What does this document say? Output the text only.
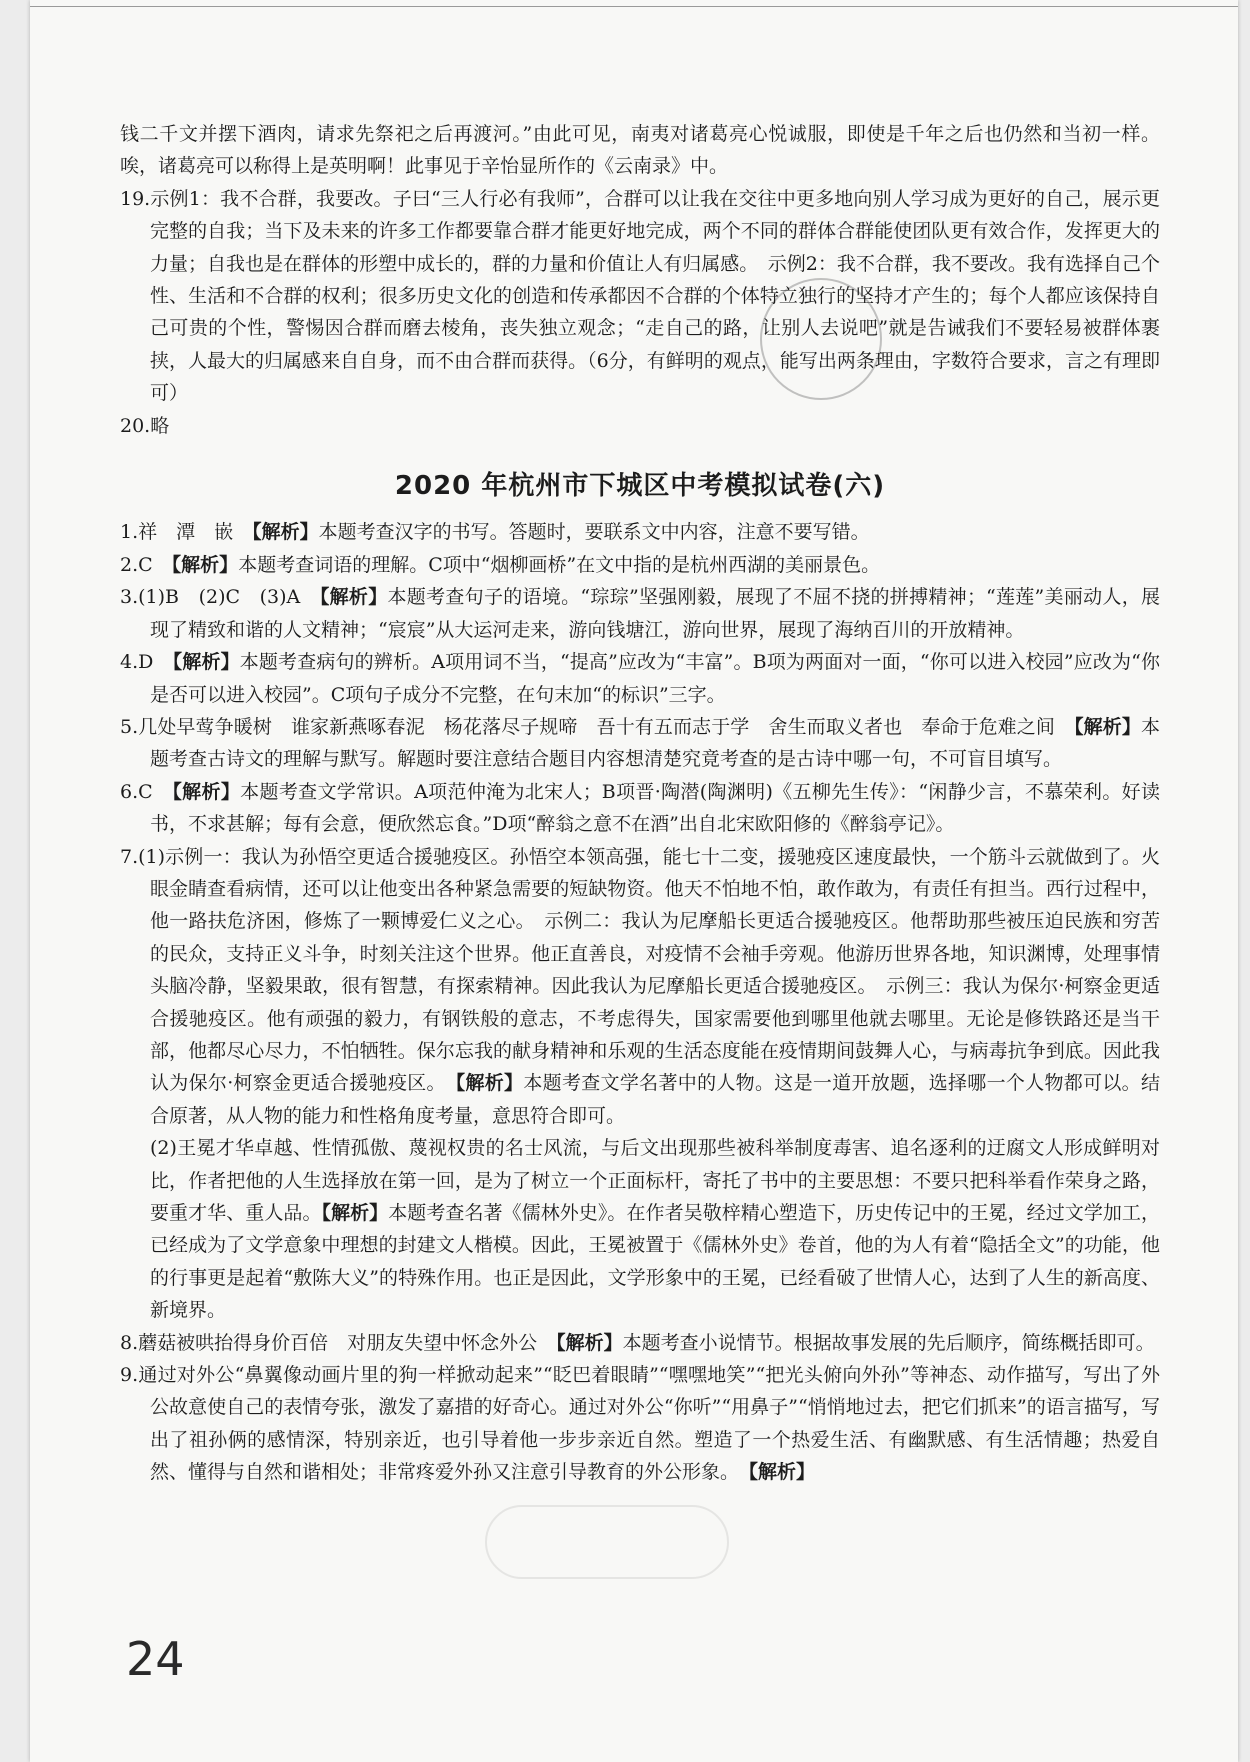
钱二千文并摆下酒肉，请求先祭祀之后再渡河。”由此可见，南夷对诸葛亮心悦诚服，即使是千年之后也仍然和当初一样。唉，诸葛亮可以称得上是英明啊！此事见于辛怡显所作的《云南录》中。

19.示例1：我不合群，我要改。子曰“三人行必有我师”，合群可以让我在交往中更多地向别人学习成为更好的自己，展示更完整的自我；当下及未来的许多工作都要靠合群才能更好地完成，两个不同的群体合群能使团队更有效合作，发挥更大的力量；自我也是在群体的形塑中成长的，群的力量和价值让人有归属感。　示例2：我不合群，我不要改。我有选择自己个性、生活和不合群的权利；很多历史文化的创造和传承都因不合群的个体特立独行的坚持才产生的；每个人都应该保持自己可贵的个性，警惕因合群而磨去棱角，丧失独立观念；“走自己的路，让别人去说吧”就是告诫我们不要轻易被群体裹挟，人最大的归属感来自自身，而不由合群而获得。（6分，有鲜明的观点，能写出两条理由，字数符合要求，言之有理即可）

20.略

2020 年杭州市下城区中考模拟试卷(六)

1.祥　潭　嵌　【解析】本题考查汉字的书写。答题时，要联系文中内容，注意不要写错。

2.C　【解析】本题考查词语的理解。C项中“烟柳画桥”在文中指的是杭州西湖的美丽景色。

3.(1)B　(2)C　(3)A　【解析】本题考查句子的语境。“琮琮”坚强刚毅，展现了不屈不挠的拼搏精神；“莲莲”美丽动人，展现了精致和谐的人文精神；“宸宸”从大运河走来，游向钱塘江，游向世界，展现了海纳百川的开放精神。

4.D　【解析】本题考查病句的辨析。A项用词不当，“提高”应改为“丰富”。B项为两面对一面，“你可以进入校园”应改为“你是否可以进入校园”。C项句子成分不完整，在句末加“的标识”三字。

5.几处早莺争暖树　谁家新燕啄春泥　杨花落尽子规啼　吾十有五而志于学　舍生而取义者也　奉命于危难之间　【解析】本题考查古诗文的理解与默写。解题时要注意结合题目内容想清楚究竟考查的是古诗中哪一句，不可盲目填写。

6.C　【解析】本题考查文学常识。A项范仲淹为北宋人；B项晋·陶潜(陶渊明)《五柳先生传》：“闲静少言，不慕荣利。好读书，不求甚解；每有会意，便欣然忘食。”D项“醉翁之意不在酒”出自北宋欧阳修的《醉翁亭记》。

7.(1)示例一：我认为孙悟空更适合援驰疫区。孙悟空本领高强，能七十二变，援驰疫区速度最快，一个筋斗云就做到了。火眼金睛查看病情，还可以让他变出各种紧急需要的短缺物资。他天不怕地不怕，敢作敢为，有责任有担当。西行过程中，他一路扶危济困，修炼了一颗博爱仁义之心。　示例二：我认为尼摩船长更适合援驰疫区。他帮助那些被压迫民族和穷苦的民众，支持正义斗争，时刻关注这个世界。他正直善良，对疫情不会袖手旁观。他游历世界各地，知识渊博，处理事情头脑冷静，坚毅果敢，很有智慧，有探索精神。因此我认为尼摩船长更适合援驰疫区。　示例三：我认为保尔·柯察金更适合援驰疫区。他有顽强的毅力，有钢铁般的意志，不考虑得失，国家需要他到哪里他就去哪里。无论是修铁路还是当干部，他都尽心尽力，不怕牺牲。保尔忘我的献身精神和乐观的生活态度能在疫情期间鼓舞人心，与病毒抗争到底。因此我认为保尔·柯察金更适合援驰疫区。　【解析】本题考查文学名著中的人物。这是一道开放题，选择哪一个人物都可以。结合原著，从人物的能力和性格角度考量，意思符合即可。

(2)王冕才华卓越、性情孤傲、蔑视权贵的名士风流，与后文出现那些被科举制度毒害、追名逐利的迂腐文人形成鲜明对比，作者把他的人生选择放在第一回，是为了树立一个正面标杆，寄托了书中的主要思想：不要只把科举看作荣身之路，要重才华、重人品。【解析】本题考查名著《儒林外史》。在作者吴敬梓精心塑造下，历史传记中的王冕，经过文学加工，已经成为了文学意象中理想的封建文人楷模。因此，王冕被置于《儒林外史》卷首，他的为人有着“隐括全文”的功能，他的行事更是起着“敷陈大义”的特殊作用。也正是因此，文学形象中的王冕，已经看破了世情人心，达到了人生的新高度、新境界。

8.蘑菇被哄抬得身价百倍　对朋友失望中怀念外公　【解析】本题考查小说情节。根据故事发展的先后顺序，简练概括即可。

9.通过对外公“鼻翼像动画片里的狗一样掀动起来”“眨巴着眼睛”“嘿嘿地笑”“把光头俯向外孙”等神态、动作描写，写出了外公故意使自己的表情夸张，激发了嘉措的好奇心。通过对外公“你听”“用鼻子”“悄悄地过去，把它们抓来”的语言描写，写出了祖孙俩的感情深，特别亲近，也引导着他一步步亲近自然。塑造了一个热爱生活、有幽默感、有生活情趣；热爱自然、懂得与自然和谐相处；非常疼爱外孙又注意引导教育的外公形象。　【解析】

24
